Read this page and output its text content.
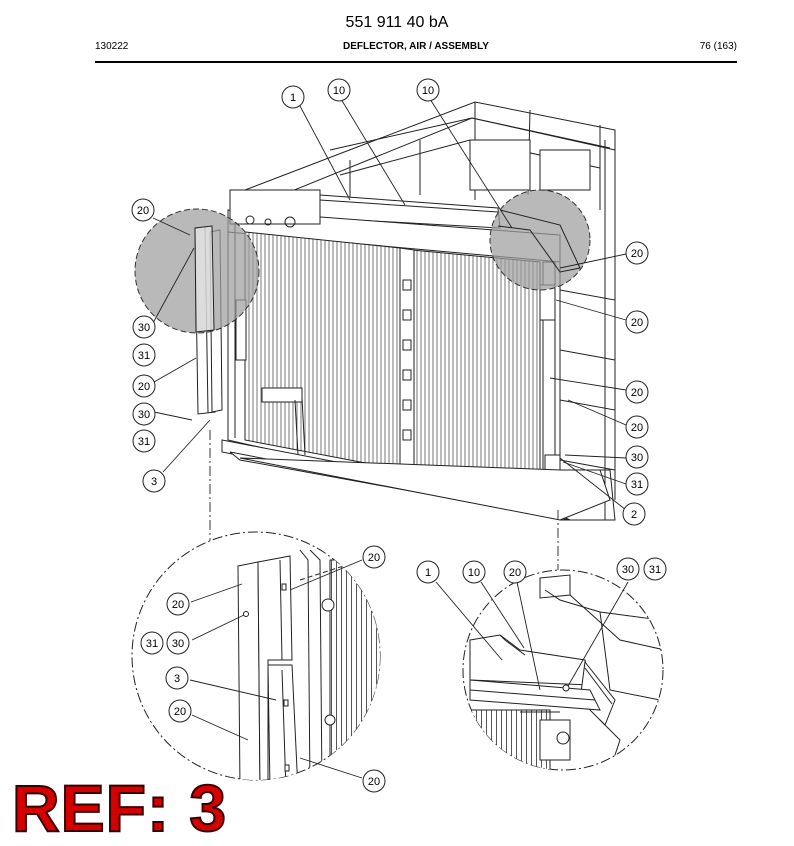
551 911 40 bA
130222	DEFLECTOR, AIR / ASSEMBLY	76 (163)
1
10	10
20
30
31
20
30
31
3
20
20
20
20
30
31
2
20
20
31 30
3
20
20
1	10	20	30 31
REF: 3
